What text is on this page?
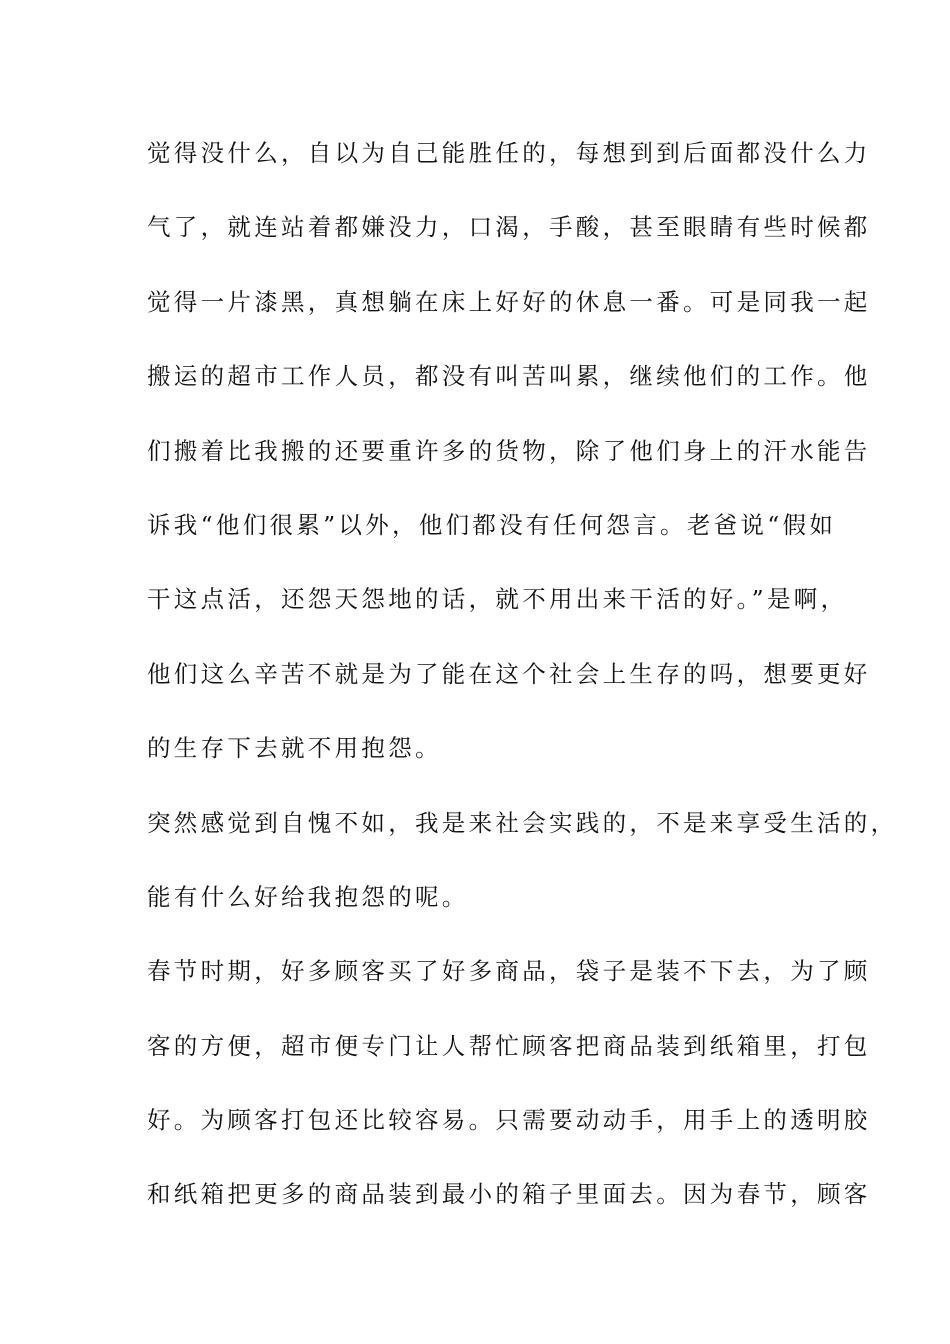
觉得没什么，自以为自己能胜任的，每想到到后面都没什么力
气了，就连站着都嫌没力，口渴，手酸，甚至眼睛有些时候都
觉得一片漆黑，真想躺在床上好好的休息一番。可是同我一起
搬运的超市工作人员，都没有叫苦叫累，继续他们的工作。他
们搬着比我搬的还要重许多的货物，除了他们身上的汗水能告
诉我“他们很累”以外，他们都没有任何怨言。老爸说“假如
干这点活，还怨天怨地的话，就不用出来干活的好。”是啊，
他们这么辛苦不就是为了能在这个社会上生存的吗，想要更好
的生存下去就不用抱怨。
突然感觉到自愧不如，我是来社会实践的，不是来享受生活的，
能有什么好给我抱怨的呢。
春节时期，好多顾客买了好多商品，袋子是装不下去，为了顾
客的方便，超市便专门让人帮忙顾客把商品装到纸箱里，打包
好。为顾客打包还比较容易。只需要动动手，用手上的透明胶
和纸箱把更多的商品装到最小的箱子里面去。因为春节，顾客
